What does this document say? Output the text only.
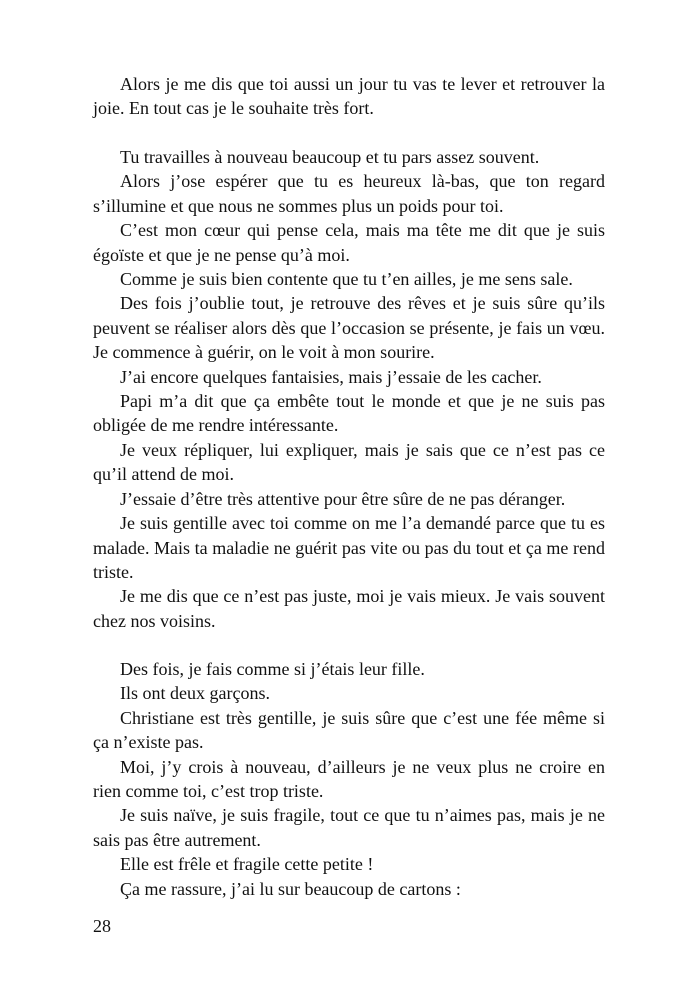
Alors je me dis que toi aussi un jour tu vas te lever et retrouver la joie. En tout cas je le souhaite très fort.

Tu travailles à nouveau beaucoup et tu pars assez souvent.

Alors j’ose espérer que tu es heureux là-bas, que ton regard s’illumine et que nous ne sommes plus un poids pour toi.

C’est mon cœur qui pense cela, mais ma tête me dit que je suis égoïste et que je ne pense qu’à moi.

Comme je suis bien contente que tu t’en ailles, je me sens sale.

Des fois j’oublie tout, je retrouve des rêves et je suis sûre qu’ils peuvent se réaliser alors dès que l’occasion se présente, je fais un vœu. Je commence à guérir, on le voit à mon sourire.

J’ai encore quelques fantaisies, mais j’essaie de les cacher.

Papi m’a dit que ça embête tout le monde et que je ne suis pas obligée de me rendre intéressante.

Je veux répliquer, lui expliquer, mais je sais que ce n’est pas ce qu’il attend de moi.

J’essaie d’être très attentive pour être sûre de ne pas déranger.

Je suis gentille avec toi comme on me l’a demandé parce que tu es malade. Mais ta maladie ne guérit pas vite ou pas du tout et ça me rend triste.

Je me dis que ce n’est pas juste, moi je vais mieux. Je vais souvent chez nos voisins.

Des fois, je fais comme si j’étais leur fille.

Ils ont deux garçons.

Christiane est très gentille, je suis sûre que c’est une fée même si ça n’existe pas.

Moi, j’y crois à nouveau, d’ailleurs je ne veux plus ne croire en rien comme toi, c’est trop triste.

Je suis naïve, je suis fragile, tout ce que tu n’aimes pas, mais je ne sais pas être autrement.

Elle est frêle et fragile cette petite !

Ça me rassure, j’ai lu sur beaucoup de cartons :

28
